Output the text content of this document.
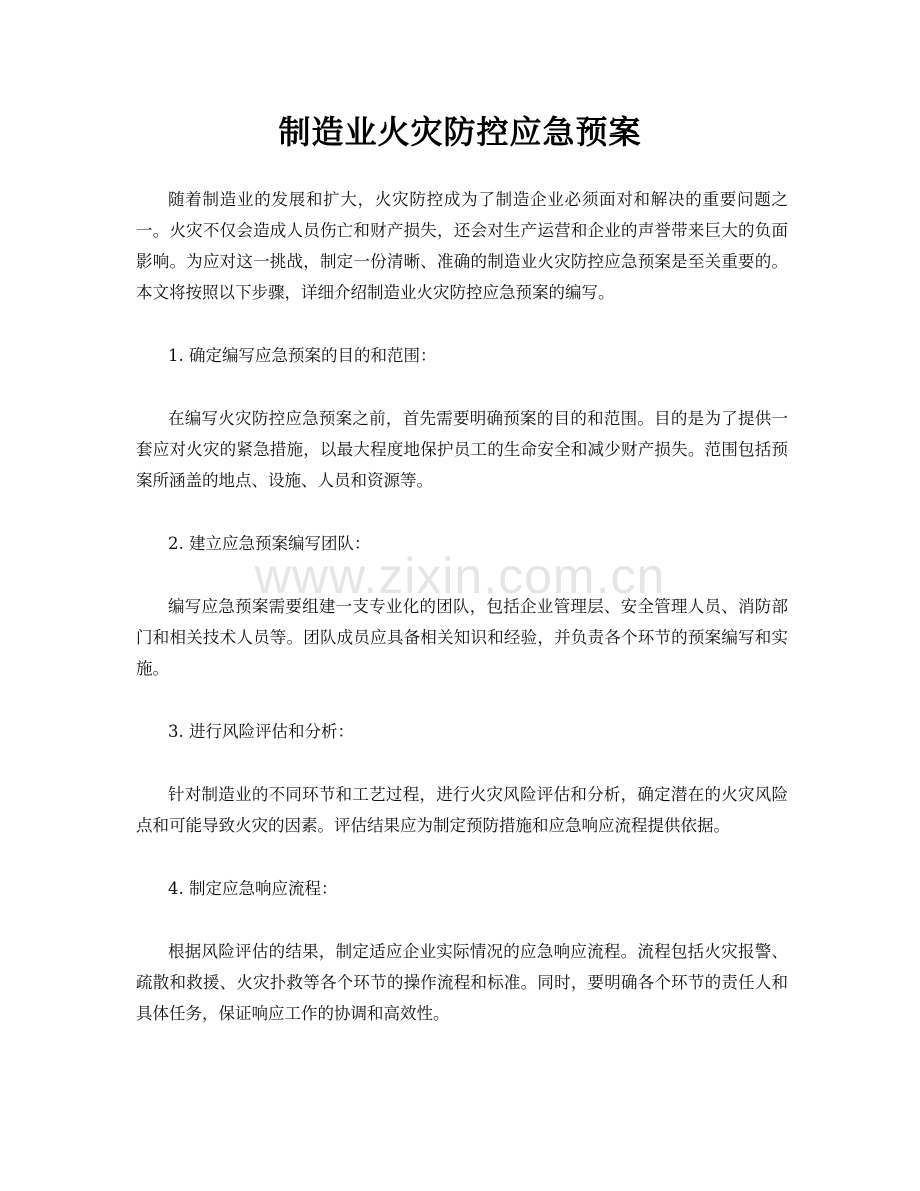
制造业火灾防控应急预案

随着制造业的发展和扩大，火灾防控成为了制造企业必须面对和解决的重要问题之一。火灾不仅会造成人员伤亡和财产损失，还会对生产运营和企业的声誉带来巨大的负面影响。为应对这一挑战，制定一份清晰、准确的制造业火灾防控应急预案是至关重要的。本文将按照以下步骤，详细介绍制造业火灾防控应急预案的编写。

1. 确定编写应急预案的目的和范围：

在编写火灾防控应急预案之前，首先需要明确预案的目的和范围。目的是为了提供一套应对火灾的紧急措施，以最大程度地保护员工的生命安全和减少财产损失。范围包括预案所涵盖的地点、设施、人员和资源等。

2. 建立应急预案编写团队：

编写应急预案需要组建一支专业化的团队，包括企业管理层、安全管理人员、消防部门和相关技术人员等。团队成员应具备相关知识和经验，并负责各个环节的预案编写和实施。

3. 进行风险评估和分析：

针对制造业的不同环节和工艺过程，进行火灾风险评估和分析，确定潜在的火灾风险点和可能导致火灾的因素。评估结果应为制定预防措施和应急响应流程提供依据。

4. 制定应急响应流程：

根据风险评估的结果，制定适应企业实际情况的应急响应流程。流程包括火灾报警、疏散和救援、火灾扑救等各个环节的操作流程和标准。同时，要明确各个环节的责任人和具体任务，保证响应工作的协调和高效性。

www.zixin.com.cn
